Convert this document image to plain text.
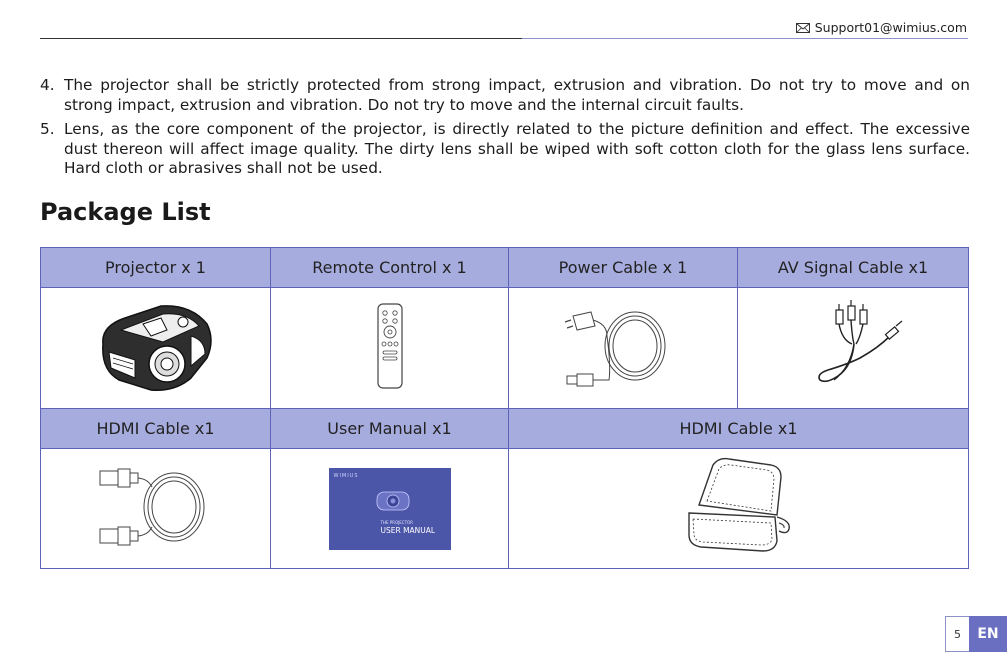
Support01@wimius.com
4. The projector shall be strictly protected from strong impact, extrusion and vibration. Do not try to move and on strong impact, extrusion and vibration. Do not try to move and the internal circuit faults.
5. Lens, as the core component of the projector, is directly related to the picture definition and effect. The excessive dust thereon will affect image quality. The dirty lens shall be wiped with soft cotton cloth for the glass lens surface. Hard cloth or abrasives shall not be used.
Package List
Projector x 1	Remote Control x 1	Power Cable x 1	AV Signal Cable x1

HDMI Cable x1	User Manual x1	HDMI Cable x1	

WIMIUS
THE PROJECTOR
USER MANUAL

5	EN
